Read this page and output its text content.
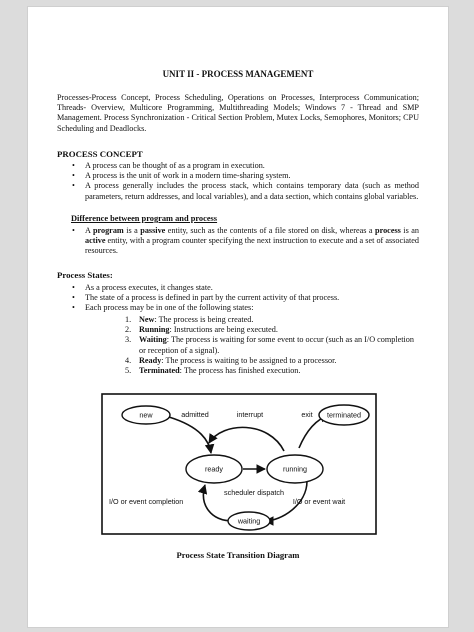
UNIT II - PROCESS MANAGEMENT
Processes-Process Concept, Process Scheduling, Operations on Processes, Interprocess Communication; Threads- Overview, Multicore Programming, Multithreading Models; Windows 7 - Thread and SMP Management. Process Synchronization - Critical Section Problem, Mutex Locks, Semophores, Monitors; CPU Scheduling and Deadlocks.
PROCESS CONCEPT
• A process can be thought of as a program in execution.
• A process is the unit of work in a modern time-sharing system.
• A process generally includes the process stack, which contains temporary data (such as method parameters, return addresses, and local variables), and a data section, which contains global variables.
Difference between program and process
• A program is a passive entity, such as the contents of a file stored on disk, whereas a process is an active entity, with a program counter specifying the next instruction to execute and a set of associated resources.
Process States:
• As a process executes, it changes state.
• The state of a process is defined in part by the current activity of that process.
• Each process may be in one of the following states:
1. New: The process is being created.
2. Running: Instructions are being executed.
3. Waiting: The process is waiting for some event to occur (such as an I/O completion or reception of a signal).
4. Ready: The process is waiting to be assigned to a processor.
5. Terminated: The process has finished execution.
new	terminated
ready	running
waiting
admitted	interrupt	exit
scheduler dispatch
I/O or event completion	I/O or event wait
Process State Transition Diagram
